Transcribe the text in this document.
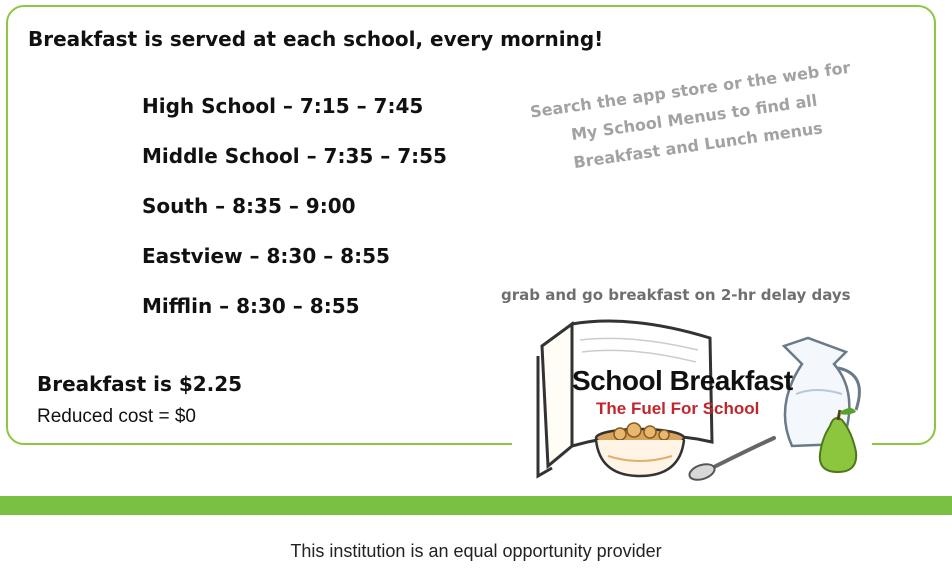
Breakfast is served at each school, every morning!
High School – 7:15 – 7:45
Middle School – 7:35 – 7:55
South – 8:35 – 9:00
Eastview – 8:30 – 8:55
Mifflin – 8:30 – 8:55

Breakfast is $2.25

Reduced cost = $0

Search the app store or the web for My School Menus to find all Breakfast and Lunch menus

grab and go breakfast on 2-hr delay days

School Breakfast

The Fuel For School

This institution is an equal opportunity provider
